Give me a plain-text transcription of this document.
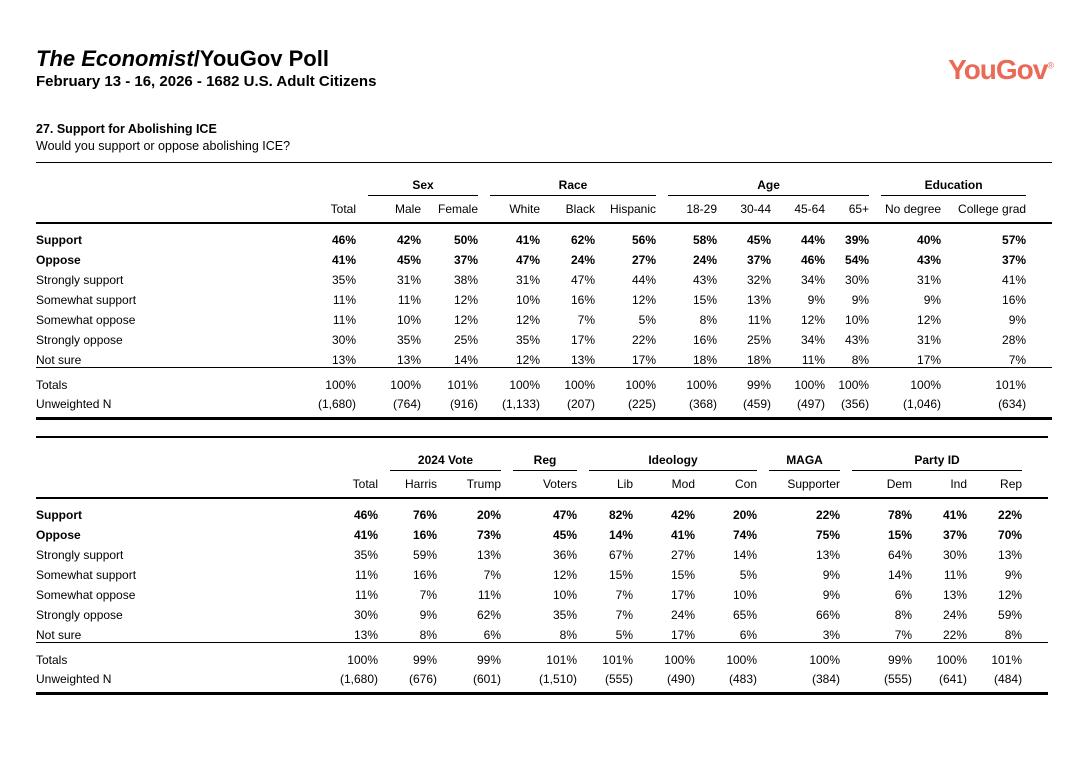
The Economist/YouGov Poll
February 13 - 16, 2026 - 1682 U.S. Adult Citizens	YouGov®
27. Support for Abolishing ICE
Would you support or oppose abolishing ICE?
			Sex			Race				Age					Education		
	Total		Male	Female		White	Black	Hispanic		18-29	30-44	45-64	65+		No degree	College grad	
Support	46%		42%	50%		41%	62%	56%		58%	45%	44%	39%		40%	57%	
Oppose	41%		45%	37%		47%	24%	27%		24%	37%	46%	54%		43%	37%	
Strongly support	35%		31%	38%		31%	47%	44%		43%	32%	34%	30%		31%	41%	
Somewhat support	11%		11%	12%		10%	16%	12%		15%	13%	9%	9%		9%	16%	
Somewhat oppose	11%		10%	12%		12%	7%	5%		8%	11%	12%	10%		12%	9%	
Strongly oppose	30%		35%	25%		35%	17%	22%		16%	25%	34%	43%		31%	28%	
Not sure	13%		13%	14%		12%	13%	17%		18%	18%	11%	8%		17%	7%	
Totals	100%		100%	101%		100%	100%	100%		100%	99%	100%	100%		100%	101%	
Unweighted N	(1,680)		(764)	(916)		(1,133)	(207)	(225)		(368)	(459)	(497)	(356)		(1,046)	(634)	
			2024 Vote			Reg		Ideology				MAGA		Party ID			
	Total		Harris	Trump		Voters		Lib	Mod	Con		Supporter		Dem	Ind	Rep	
Support	46%		76%	20%		47%		82%	42%	20%		22%		78%	41%	22%	
Oppose	41%		16%	73%		45%		14%	41%	74%		75%		15%	37%	70%	
Strongly support	35%		59%	13%		36%		67%	27%	14%		13%		64%	30%	13%	
Somewhat support	11%		16%	7%		12%		15%	15%	5%		9%		14%	11%	9%	
Somewhat oppose	11%		7%	11%		10%		7%	17%	10%		9%		6%	13%	12%	
Strongly oppose	30%		9%	62%		35%		7%	24%	65%		66%		8%	24%	59%	
Not sure	13%		8%	6%		8%		5%	17%	6%		3%		7%	22%	8%	
Totals	100%		99%	99%		101%		101%	100%	100%		100%		99%	100%	101%	
Unweighted N	(1,680)		(676)	(601)		(1,510)		(555)	(490)	(483)		(384)		(555)	(641)	(484)	
